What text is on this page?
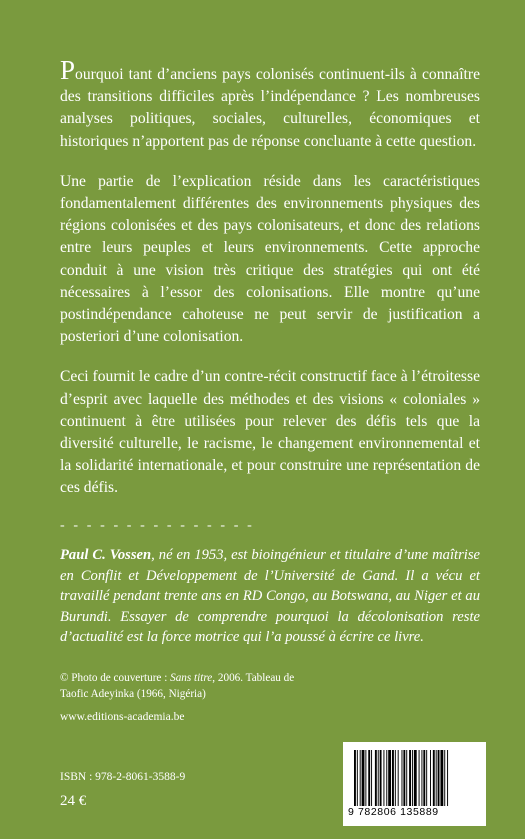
Pourquoi tant d’anciens pays colonisés continuent-ils à connaître des transitions difficiles après l’indépendance ? Les nombreuses analyses politiques, sociales, culturelles, économiques et historiques n’apportent pas de réponse concluante à cette question.

Une partie de l’explication réside dans les caractéristiques fondamentalement différentes des environnements physiques des régions colonisées et des pays colonisateurs, et donc des relations entre leurs peuples et leurs environnements. Cette approche conduit à une vision très critique des stratégies qui ont été nécessaires à l’essor des colonisations. Elle montre qu’une postindépendance cahoteuse ne peut servir de justification a posteriori d’une colonisation.

Ceci fournit le cadre d’un contre-récit constructif face à l’étroitesse d’esprit avec laquelle des méthodes et des visions « coloniales » continuent à être utilisées pour relever des défis tels que la diversité culturelle, le racisme, le changement environnemental et la solidarité internationale, et pour construire une représentation de ces défis.

- - - - - - - - - - - - - - -
Paul C. Vossen, né en 1953, est bioingénieur et titulaire d’une maîtrise en Conflit et Développement de l’Université de Gand. Il a vécu et travaillé pendant trente ans en RD Congo, au Botswana, au Niger et au Burundi. Essayer de comprendre pourquoi la décolonisation reste d’actualité est la force motrice qui l’a poussé à écrire ce livre.
© Photo de couverture : Sans titre, 2006. Tableau de Taofic Adeyinka (1966, Nigéria)
www.editions-academia.be
ISBN : 978-2-8061-3588-9
24 €
9 782806 135889
